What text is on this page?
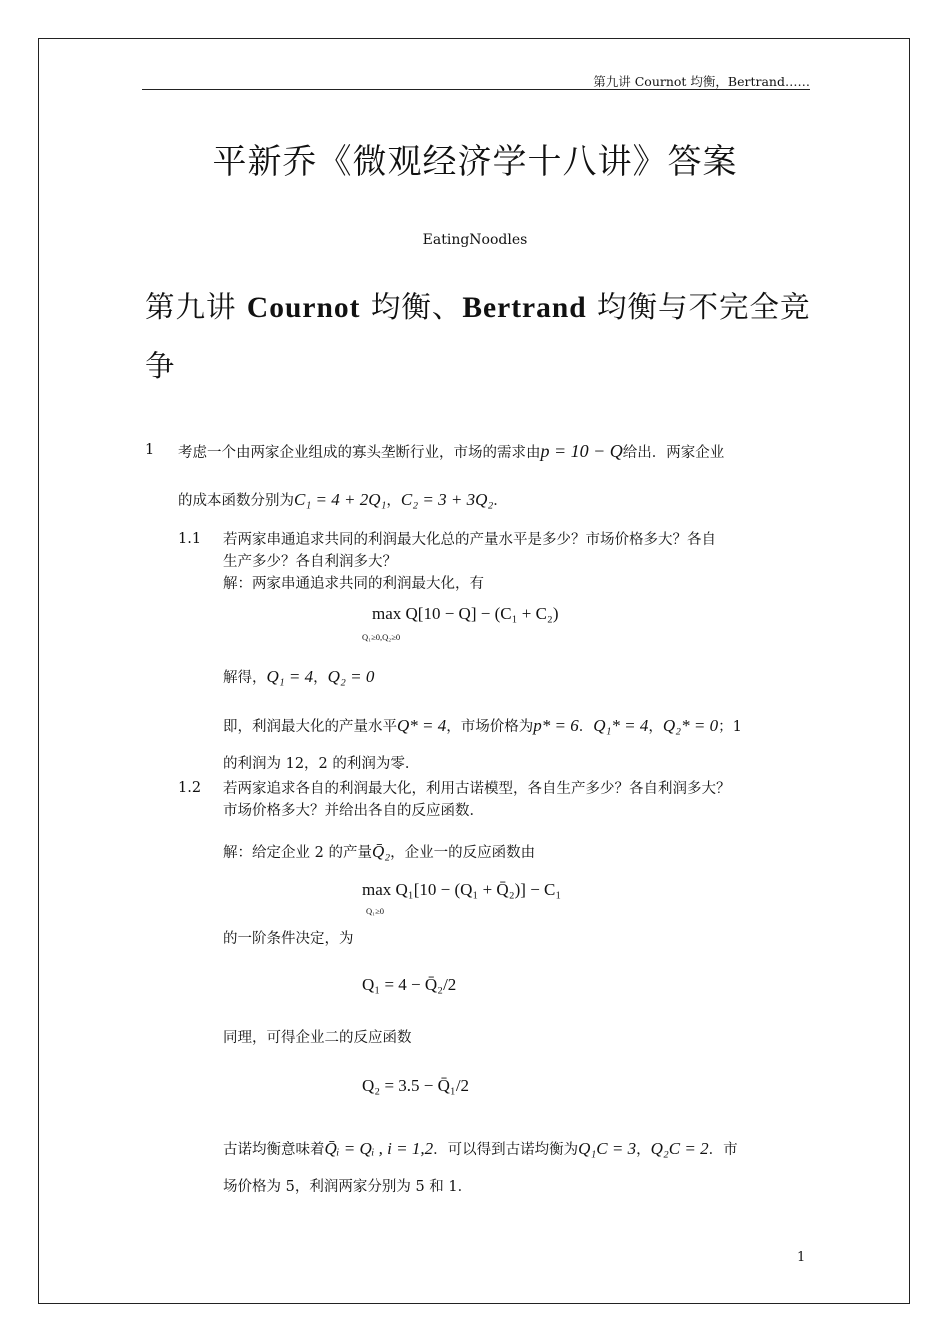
第九讲 Cournot 均衡，Bertrand……
平新乔《微观经济学十八讲》答案
EatingNoodles
第九讲 Cournot 均衡、Bertrand 均衡与不完全竞争
1 考虑一个由两家企业组成的寡头垄断行业，市场的需求由p = 10 − Q给出．两家企业
的成本函数分别为C₁ = 4 + 2Q₁，C₂ = 3 + 3Q₂．
1.1 若两家串通追求共同的利润最大化总的产量水平是多少？市场价格多大？各自
生产多少？各自利润多大？
解：两家串通追求共同的利润最大化，有
max Q[10 − Q] − (C₁ + C₂)
Q₁≥0,Q₂≥0
解得，Q₁ = 4，Q₂ = 0
即，利润最大化的产量水平Q* = 4，市场价格为p* = 6．Q₁* = 4，Q₂* = 0；1
的利润为 12，2 的利润为零．
1.2 若两家追求各自的利润最大化，利用古诺模型，各自生产多少？各自利润多大？
市场价格多大？并给出各自的反应函数．
解：给定企业 2 的产量Q̄₂，企业一的反应函数由
max Q₁[10 − (Q₁ + Q̄₂)] − C₁
Q₁≥0
的一阶条件决定，为
Q₁ = 4 − Q̄₂/2
同理，可得企业二的反应函数
Q₂ = 3.5 − Q̄₁/2
古诺均衡意味着Q̄ᵢ = Qᵢ , i = 1,2．可以得到古诺均衡为Q₁C = 3，Q₂C = 2．市
场价格为 5，利润两家分别为 5 和 1．
1
